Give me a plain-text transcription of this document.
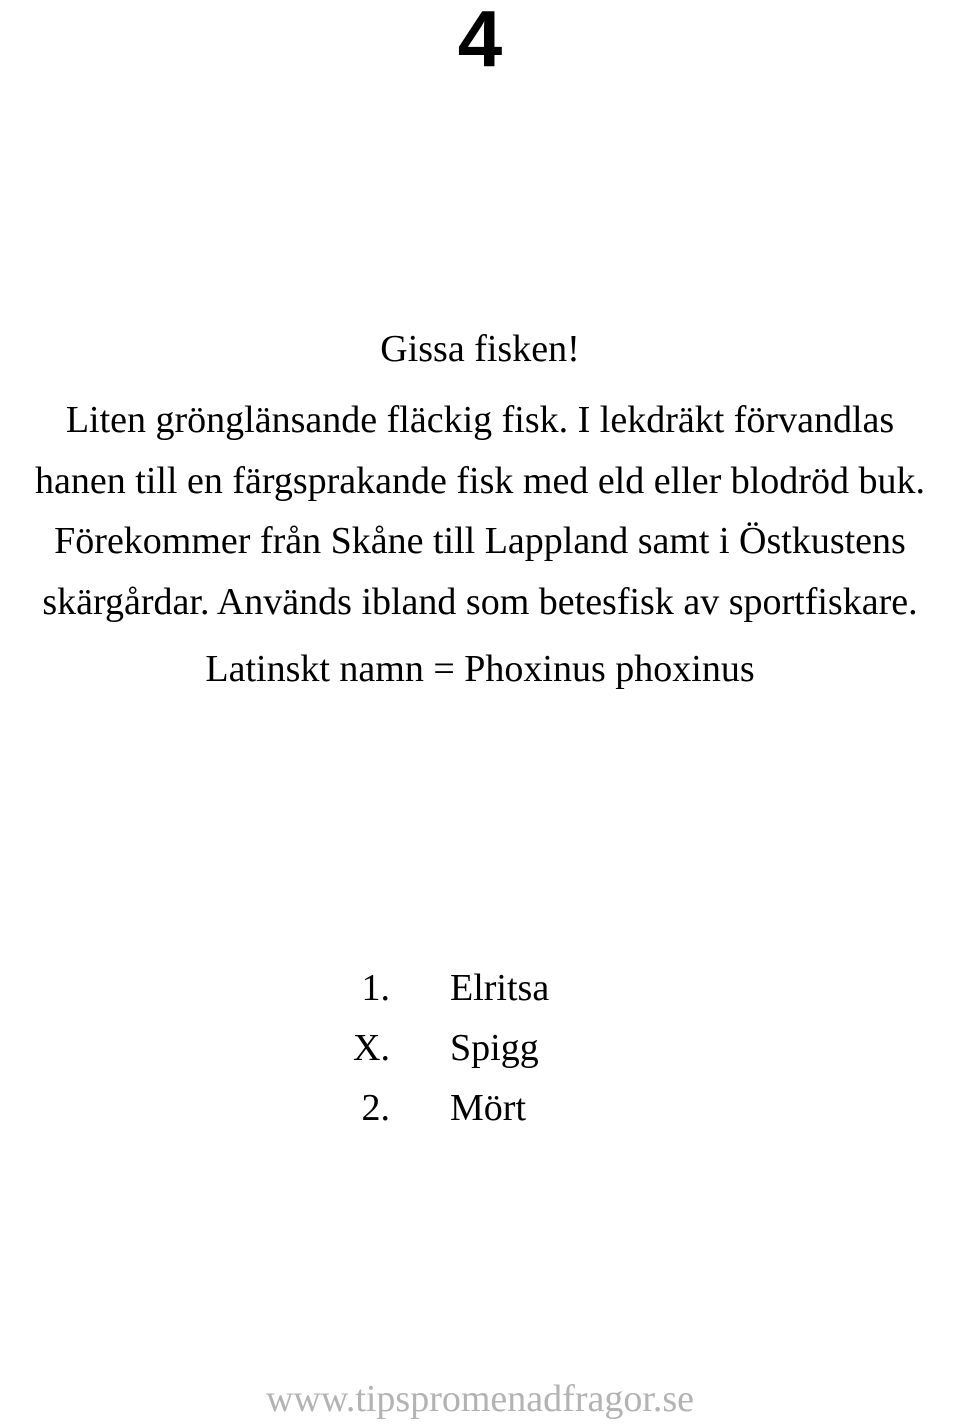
4
Gissa fisken!

Liten grönglänsande fläckig fisk. I lekdräkt förvandlas
hanen till en färgsprakande fisk med eld eller blodröd buk.
Förekommer från Skåne till Lappland samt i Östkustens
skärgårdar. Används ibland som betesfisk av sportfiskare.

Latinskt namn = Phoxinus phoxinus

1. Elritsa
X. Spigg
2. Mört

www.tipspromenadfragor.se
